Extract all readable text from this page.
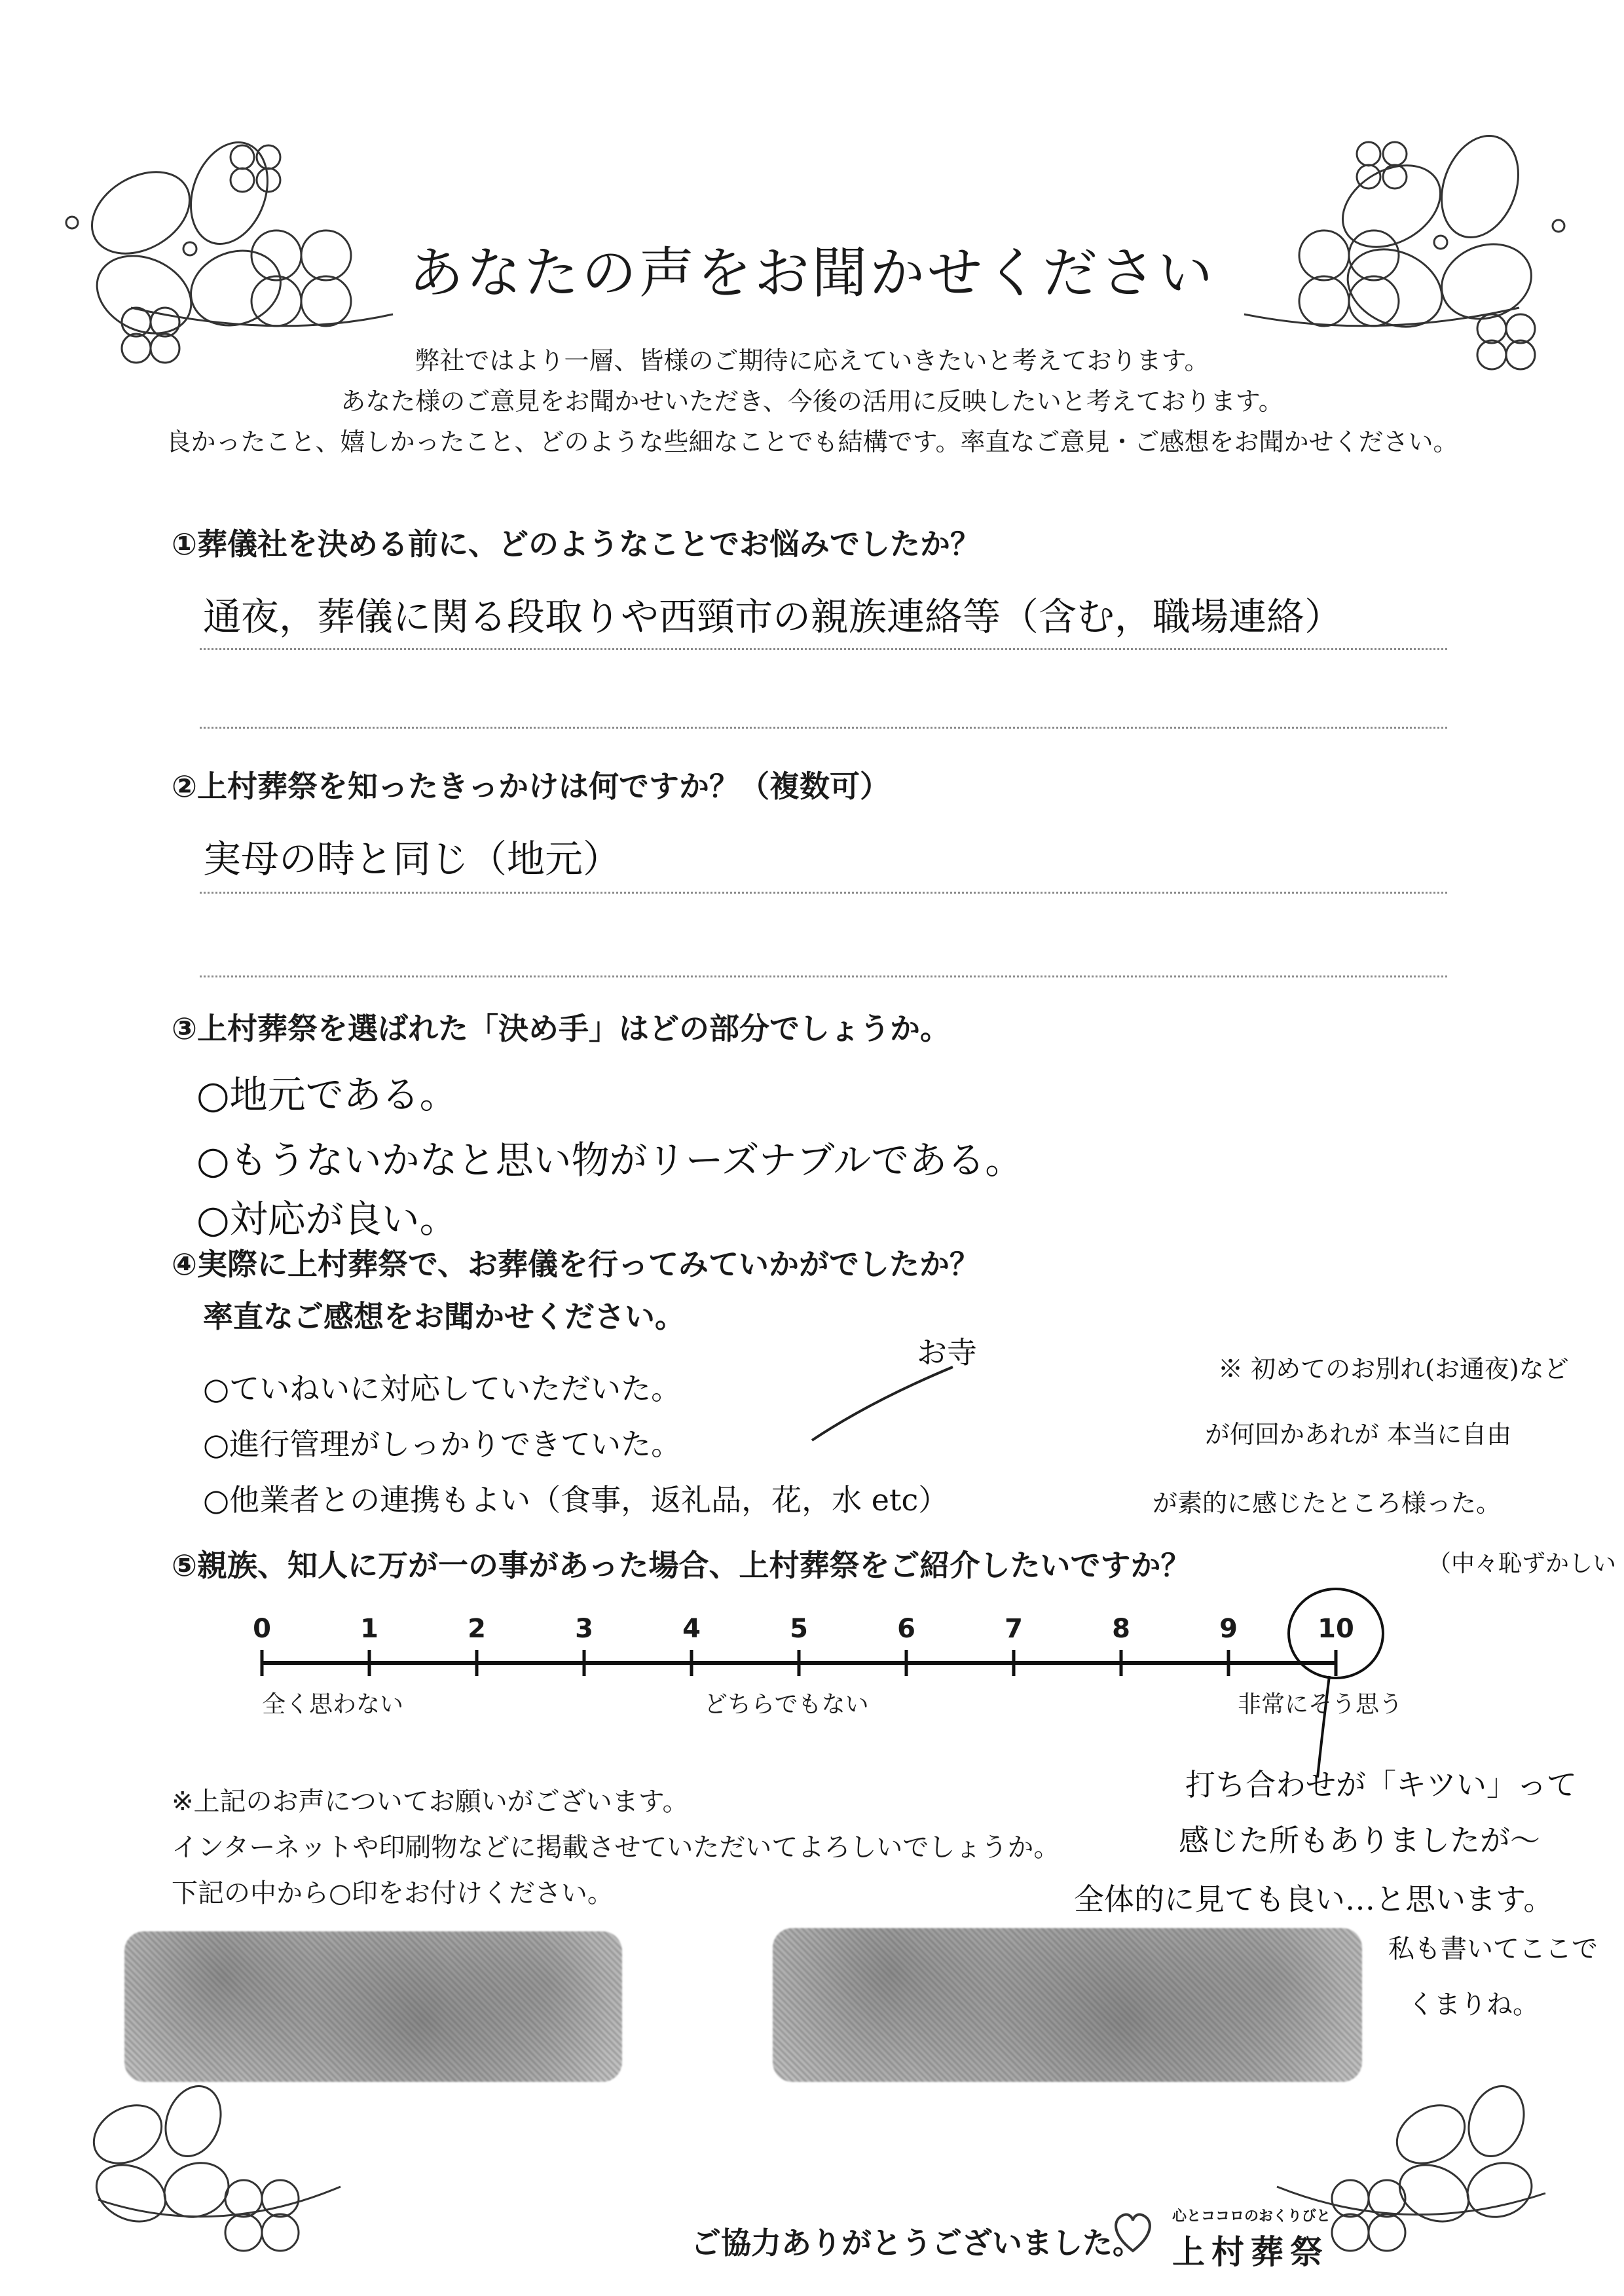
あなたの声をお聞かせください
弊社ではより一層、皆様のご期待に応えていきたいと考えております。
あなた様のご意見をお聞かせいただき、今後の活用に反映したいと考えております。
良かったこと、嬉しかったこと、どのような些細なことでも結構です。率直なご意見・ご感想をお聞かせください。
①葬儀社を決める前に、どのようなことでお悩みでしたか？
通夜，葬儀に関る段取りや西頸市の親族連絡等（含む，職場連絡）
②上村葬祭を知ったきっかけは何ですか？（複数可）
実母の時と同じ（地元）
③上村葬祭を選ばれた「決め手」はどの部分でしょうか。
○地元である。
○もうないかなと思い物がリーズナブルである。
○対応が良い。
④実際に上村葬祭で、お葬儀を行ってみていかがでしたか？
率直なご感想をお聞かせください。
お寺
○ていねいに対応していただいた。
○進行管理がしっかりできていた。
○他業者との連携もよい（食事，返礼品，花，水 etc）
※ 初めてのお別れ(お通夜)など
が何回かあれが 本当に自由
が素的に感じたところ様った。
⑤親族、知人に万が一の事があった場合、上村葬祭をご紹介したいですか？	（中々恥ずかしい
0	1	2	3	4	5	6	7	8	9	10
全く思わない	どちらでもない	非常にそう思う
※上記のお声についてお願いがございます。
インターネットや印刷物などに掲載させていただいてよろしいでしょうか。
下記の中から○印をお付けください。
打ち合わせが「キツい」って
感じた所もありましたが～
全体的に見ても良い…と思います。
私も書いてここで
くまりね。
ご協力ありがとうございました。
心とココロのおくりびと
上村葬祭
